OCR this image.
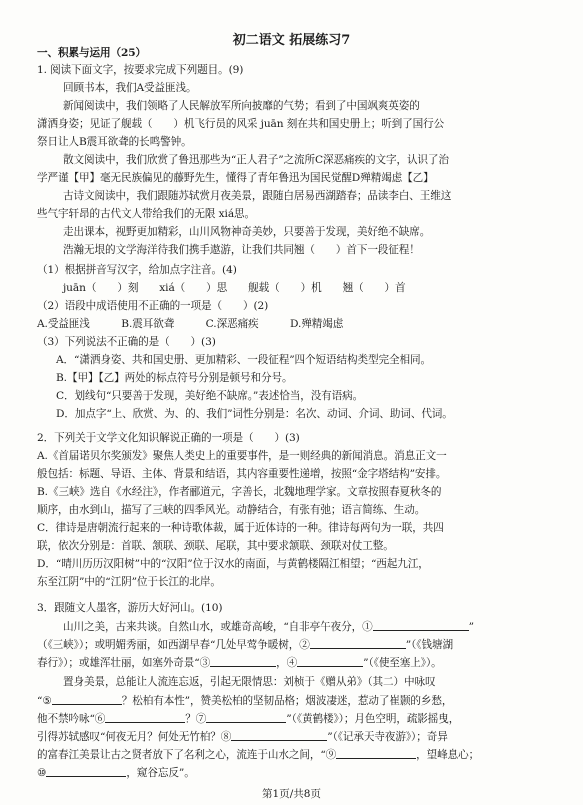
初二语文 拓展练习7
一、积累与运用（25）
1. 阅读下面文字，按要求完成下列题目。(9)
回顾书本，我们A受益匪浅。
新闻阅读中，我们领略了人民解放军所向披靡的气势；看到了中国飒爽英姿的
潇洒身姿；见证了舰载（　　）机飞行员的风采 juān 刻在共和国史册上；听到了国行公
祭日让人B震耳欲聋的长鸣警钟。
散文阅读中，我们欣赏了鲁迅那些为“正人君子”之流所C深恶痛疾的文字，认识了治
学严谨【甲】毫无民族偏见的藤野先生，懂得了青年鲁迅为国民觉醒D殚精竭虑【乙】
古诗文阅读中，我们跟随苏轼赏月夜美景，跟随白居易西湖踏春；品读李白、王维这
些气宇轩昂的古代文人带给我们的无限 xiá思。
走出课本，视野更加精彩，山川风物神奇美妙，只要善于发现，美好绝不缺席。
浩瀚无垠的文学海洋待我们携手遨游，让我们共同翘（　　）首下一段征程！
（1）根据拼音写汉字，给加点字注音。(4)
juān（　　）刻　　xiá（　　）思　　舰载（　　）机　　翘（　　）首
（2）语段中成语使用不正确的一项是（　　）(2)
A.受益匪浅　　　B.震耳欲聋　　　C.深恶痛疾　　　D.殚精竭虑
（3）下列说法不正确的是（　　）(3)
A．“潇洒身姿、共和国史册、更加精彩、一段征程”四个短语结构类型完全相同。
B.【甲】【乙】两处的标点符号分别是顿号和分号。
C．划线句“只要善于发现，美好绝不缺席。”表述恰当，没有语病。
D．加点字“上、欣赏、为、的、我们”词性分别是：名次、动词、介词、助词、代词。
2．下列关于文学文化知识解说正确的一项是（　　）(3)
A.《首届诺贝尔奖颁发》聚焦人类史上的重要事件，是一则经典的新闻消息。消息正文一
般包括：标题、导语、主体、背景和结语，其内容重要性递增，按照“金字塔结构”安排。
B.《三峡》选自《水经注》，作者郦道元，字善长，北魏地理学家。文章按照春夏秋冬的
顺序，由水到山，描写了三峡的四季风光。动静结合，有张有弛；语言简练、生动。
C．律诗是唐朝流行起来的一种诗歌体裁，属于近体诗的一种。律诗每两句为一联，共四
联，依次分别是：首联、颔联、颈联、尾联，其中要求颔联、颈联对仗工整。
D．“晴川历历汉阳树”中的“汉阳”位于汉水的南面，与黄鹤楼隔江相望；“西起九江，
东至江阴”中的“江阴”位于长江的北岸。
3．跟随文人墨客，游历大好河山。(10)
山川之美，古来共谈。自然山水，或雄奇高峻，“自非亭午夜分，①	”
（《三峡》）；或明媚秀丽，如西湖早春“几处早莺争暖树，②	”（《钱塘湖
春行》）；或雄浑壮丽，如塞外奇景“③	，④	”（《使至塞上》）。
置身美景，总能让人流连忘返，引起无限情思：刘桢于《赠从弟》（其二）中咏叹
“⑤	？松柏有本性”，赞美松柏的坚韧品格；烟波凄迷，惹动了崔颢的乡愁，
他不禁吟咏“⑥	？⑦	”（《黄鹤楼》）；月色空明，疏影摇曳，
引得苏轼感叹“何夜无月？何处无竹柏？⑧	”（《记承天寺夜游》）；奇异
的富春江美景让古之贤者放下了名利之心，流连于山水之间，“⑨	，望峰息心；
⑩	，窥谷忘反”。
第1页/共8页
